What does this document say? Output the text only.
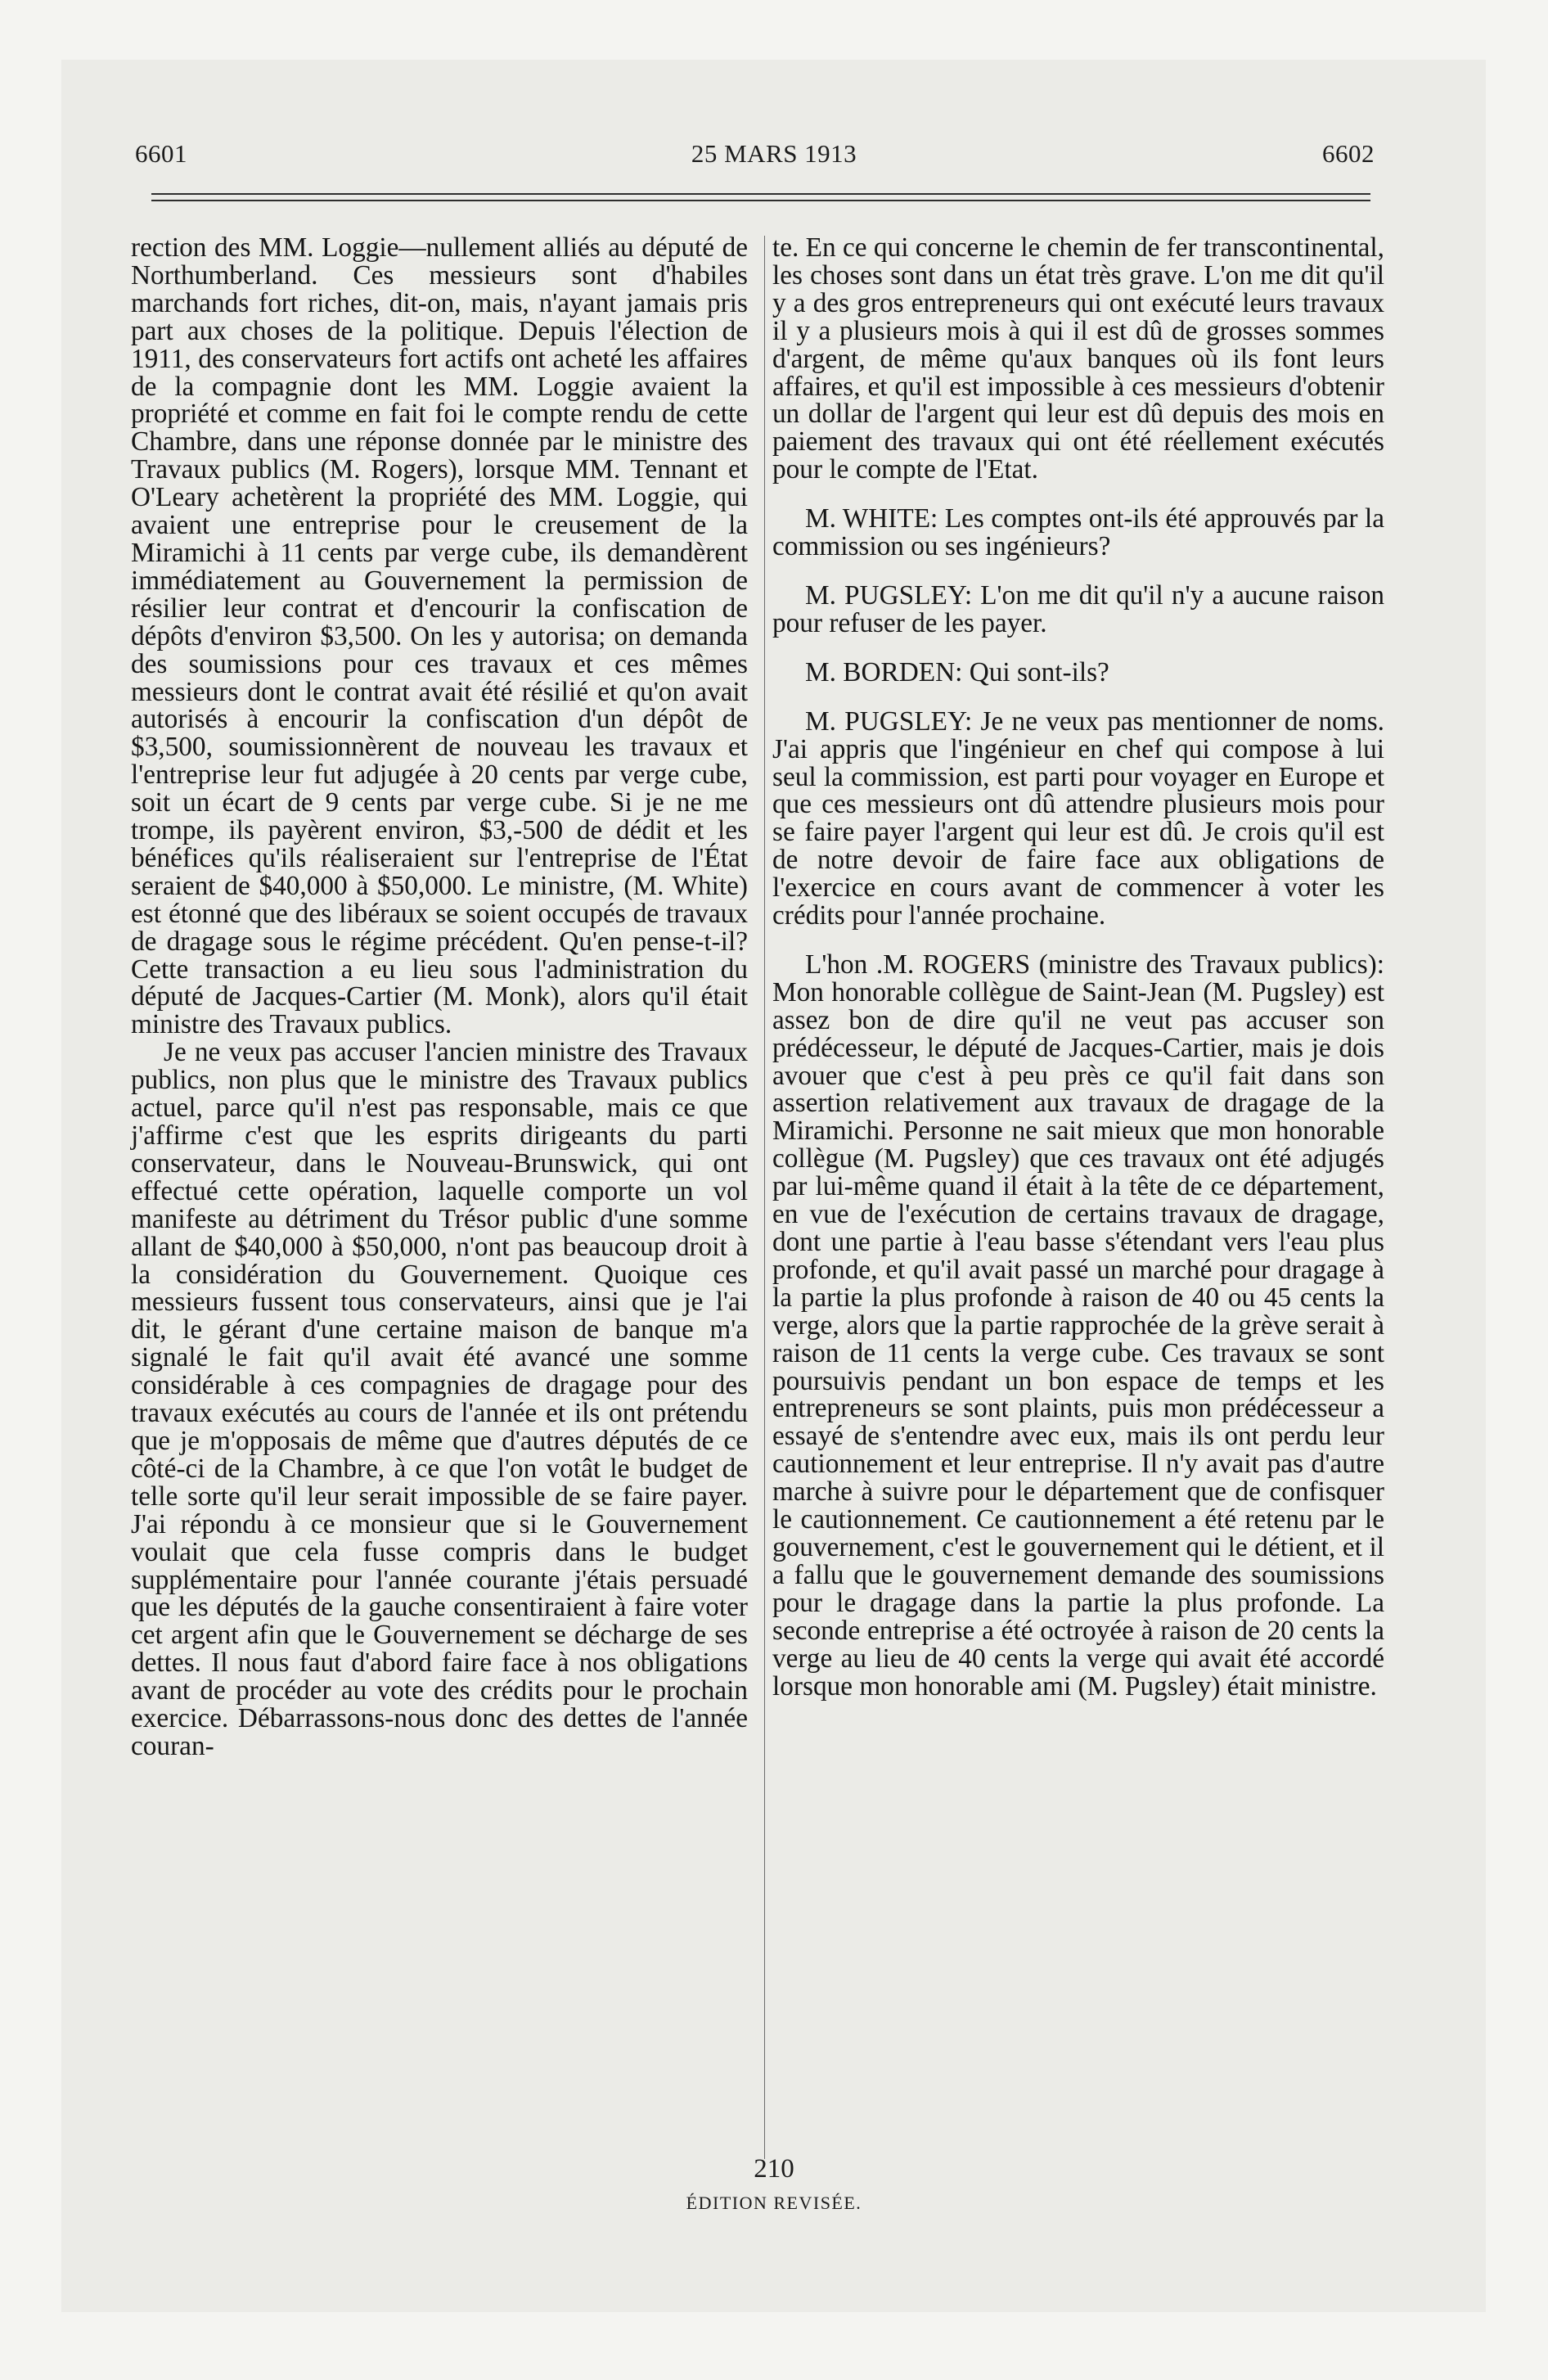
6601	25 MARS 1913	6602

rection des MM. Loggie—nullement alliés au député de Northumberland. Ces messieurs sont d'habiles marchands fort riches, dit-on, mais, n'ayant jamais pris part aux choses de la politique. Depuis l'élection de 1911, des conservateurs fort actifs ont acheté les affaires de la compagnie dont les MM. Loggie avaient la propriété et comme en fait foi le compte rendu de cette Chambre, dans une réponse donnée par le ministre des Travaux publics (M. Rogers), lorsque MM. Tennant et O'Leary achetèrent la propriété des MM. Loggie, qui avaient une entreprise pour le creusement de la Miramichi à 11 cents par verge cube, ils demandèrent immédiatement au Gouvernement la permission de résilier leur contrat et d'encourir la confiscation de dépôts d'environ $3,500. On les y autorisa; on demanda des soumissions pour ces travaux et ces mêmes messieurs dont le contrat avait été résilié et qu'on avait autorisés à encourir la confiscation d'un dépôt de $3,500, soumissionnèrent de nouveau les travaux et l'entreprise leur fut adjugée à 20 cents par verge cube, soit un écart de 9 cents par verge cube. Si je ne me trompe, ils payèrent environ, $3,-500 de dédit et les bénéfices qu'ils réaliseraient sur l'entreprise de l'État seraient de $40,000 à $50,000. Le ministre, (M. White) est étonné que des libéraux se soient occupés de travaux de dragage sous le régime précédent. Qu'en pense-t-il? Cette transaction a eu lieu sous l'administration du député de Jacques-Cartier (M. Monk), alors qu'il était ministre des Travaux publics.

Je ne veux pas accuser l'ancien ministre des Travaux publics, non plus que le ministre des Travaux publics actuel, parce qu'il n'est pas responsable, mais ce que j'affirme c'est que les esprits dirigeants du parti conservateur, dans le Nouveau-Brunswick, qui ont effectué cette opération, laquelle comporte un vol manifeste au détriment du Trésor public d'une somme allant de $40,000 à $50,000, n'ont pas beaucoup droit à la considération du Gouvernement. Quoique ces messieurs fussent tous conservateurs, ainsi que je l'ai dit, le gérant d'une certaine maison de banque m'a signalé le fait qu'il avait été avancé une somme considérable à ces compagnies de dragage pour des travaux exécutés au cours de l'année et ils ont prétendu que je m'opposais de même que d'autres députés de ce côté-ci de la Chambre, à ce que l'on votât le budget de telle sorte qu'il leur serait impossible de se faire payer. J'ai répondu à ce monsieur que si le Gouvernement voulait que cela fusse compris dans le budget supplémentaire pour l'année courante j'étais persuadé que les députés de la gauche consentiraient à faire voter cet argent afin que le Gouvernement se décharge de ses dettes. Il nous faut d'abord faire face à nos obligations avant de procéder au vote des crédits pour le prochain exercice. Débarrassons-nous donc des dettes de l'année couran-

te. En ce qui concerne le chemin de fer transcontinental, les choses sont dans un état très grave. L'on me dit qu'il y a des gros entrepreneurs qui ont exécuté leurs travaux il y a plusieurs mois à qui il est dû de grosses sommes d'argent, de même qu'aux banques où ils font leurs affaires, et qu'il est impossible à ces messieurs d'obtenir un dollar de l'argent qui leur est dû depuis des mois en paiement des travaux qui ont été réellement exécutés pour le compte de l'Etat.

M. WHITE: Les comptes ont-ils été approuvés par la commission ou ses ingénieurs?

M. PUGSLEY: L'on me dit qu'il n'y a aucune raison pour refuser de les payer.

M. BORDEN: Qui sont-ils?

M. PUGSLEY: Je ne veux pas mentionner de noms. J'ai appris que l'ingénieur en chef qui compose à lui seul la commission, est parti pour voyager en Europe et que ces messieurs ont dû attendre plusieurs mois pour se faire payer l'argent qui leur est dû. Je crois qu'il est de notre devoir de faire face aux obligations de l'exercice en cours avant de commencer à voter les crédits pour l'année prochaine.

L'hon .M. ROGERS (ministre des Travaux publics): Mon honorable collègue de Saint-Jean (M. Pugsley) est assez bon de dire qu'il ne veut pas accuser son prédécesseur, le député de Jacques-Cartier, mais je dois avouer que c'est à peu près ce qu'il fait dans son assertion relativement aux travaux de dragage de la Miramichi. Personne ne sait mieux que mon honorable collègue (M. Pugsley) que ces travaux ont été adjugés par lui-même quand il était à la tête de ce département, en vue de l'exécution de certains travaux de dragage, dont une partie à l'eau basse s'étendant vers l'eau plus profonde, et qu'il avait passé un marché pour dragage à la partie la plus profonde à raison de 40 ou 45 cents la verge, alors que la partie rapprochée de la grève serait à raison de 11 cents la verge cube. Ces travaux se sont poursuivis pendant un bon espace de temps et les entrepreneurs se sont plaints, puis mon prédécesseur a essayé de s'entendre avec eux, mais ils ont perdu leur cautionnement et leur entreprise. Il n'y avait pas d'autre marche à suivre pour le département que de confisquer le cautionnement. Ce cautionnement a été retenu par le gouvernement, c'est le gouvernement qui le détient, et il a fallu que le gouvernement demande des soumissions pour le dragage dans la partie la plus profonde. La seconde entreprise a été octroyée à raison de 20 cents la verge au lieu de 40 cents la verge qui avait été accordé lorsque mon honorable ami (M. Pugsley) était ministre.

210
ÉDITION REVISÉE.
